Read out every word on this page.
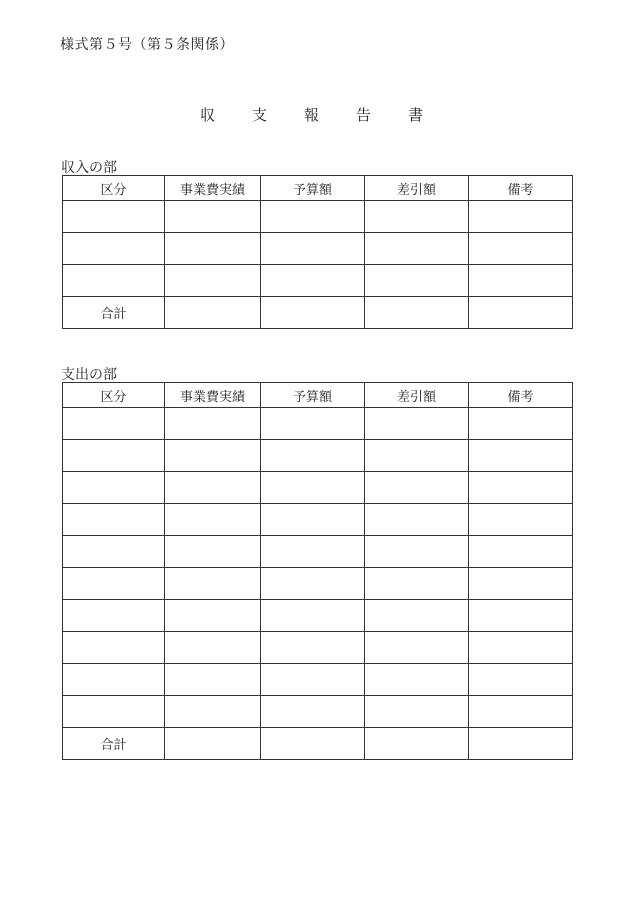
様式第５号（第５条関係）
収　支　報　告　書
収入の部
区分	事業費実績	予算額	差引額	備考

合計				
支出の部
区分	事業費実績	予算額	差引額	備考

合計				
